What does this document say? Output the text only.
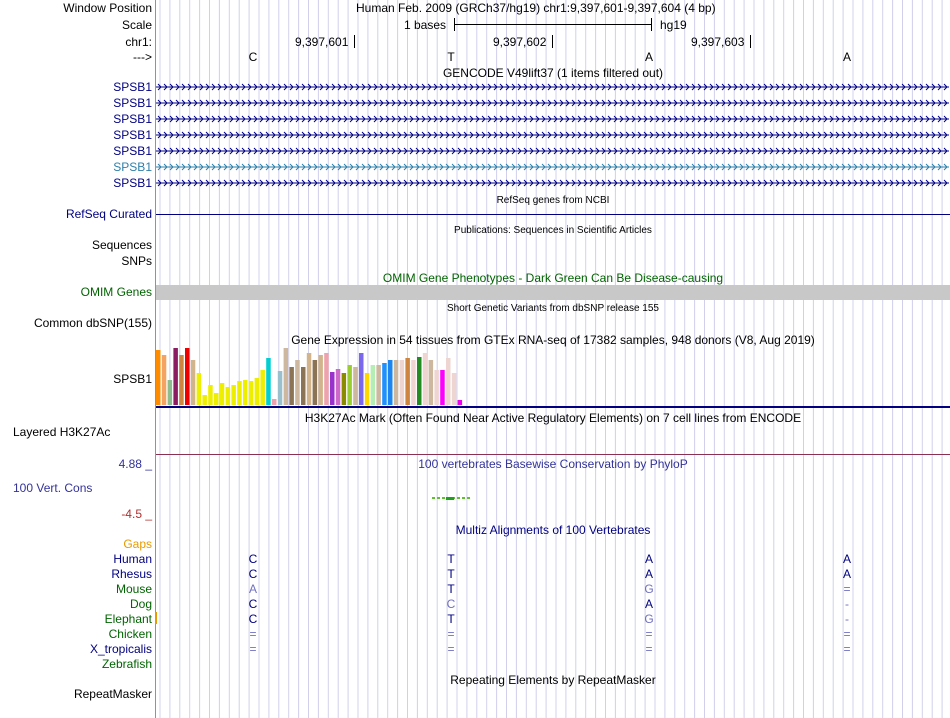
Window Position	Human Feb. 2009 (GRCh37/hg19) chr1:9,397,601-9,397,604 (4 bp)
Scale	1 bases	hg19
chr1:	9,397,601	9,397,602	9,397,603
--->	C	T	A	A
GENCODE V49lift37 (1 items filtered out)
SPSB1
SPSB1
SPSB1
SPSB1
SPSB1
SPSB1
SPSB1
RefSeq genes from NCBI
RefSeq Curated
Publications: Sequences in Scientific Articles
Sequences
SNPs
OMIM Gene Phenotypes - Dark Green Can Be Disease-causing
OMIM Genes
Short Genetic Variants from dbSNP release 155
Common dbSNP(155)
Gene Expression in 54 tissues from GTEx RNA-seq of 17382 samples, 948 donors (V8, Aug 2019)
SPSB1
H3K27Ac Mark (Often Found Near Active Regulatory Elements) on 7 cell lines from ENCODE
Layered H3K27Ac
100 vertebrates Basewise Conservation by PhyloP
4.88 _
100 Vert. Cons
-4.5 _
Multiz Alignments of 100 Vertebrates
Gaps
Human	C	T	A	A
Rhesus	C	T	A	A
Mouse	A	T	G	=
Dog	C	C	A	-
Elephant	C	T	G	-
Chicken	=	=	=	=
X_tropicalis	=	=	=	=
Zebrafish
Repeating Elements by RepeatMasker
RepeatMasker
